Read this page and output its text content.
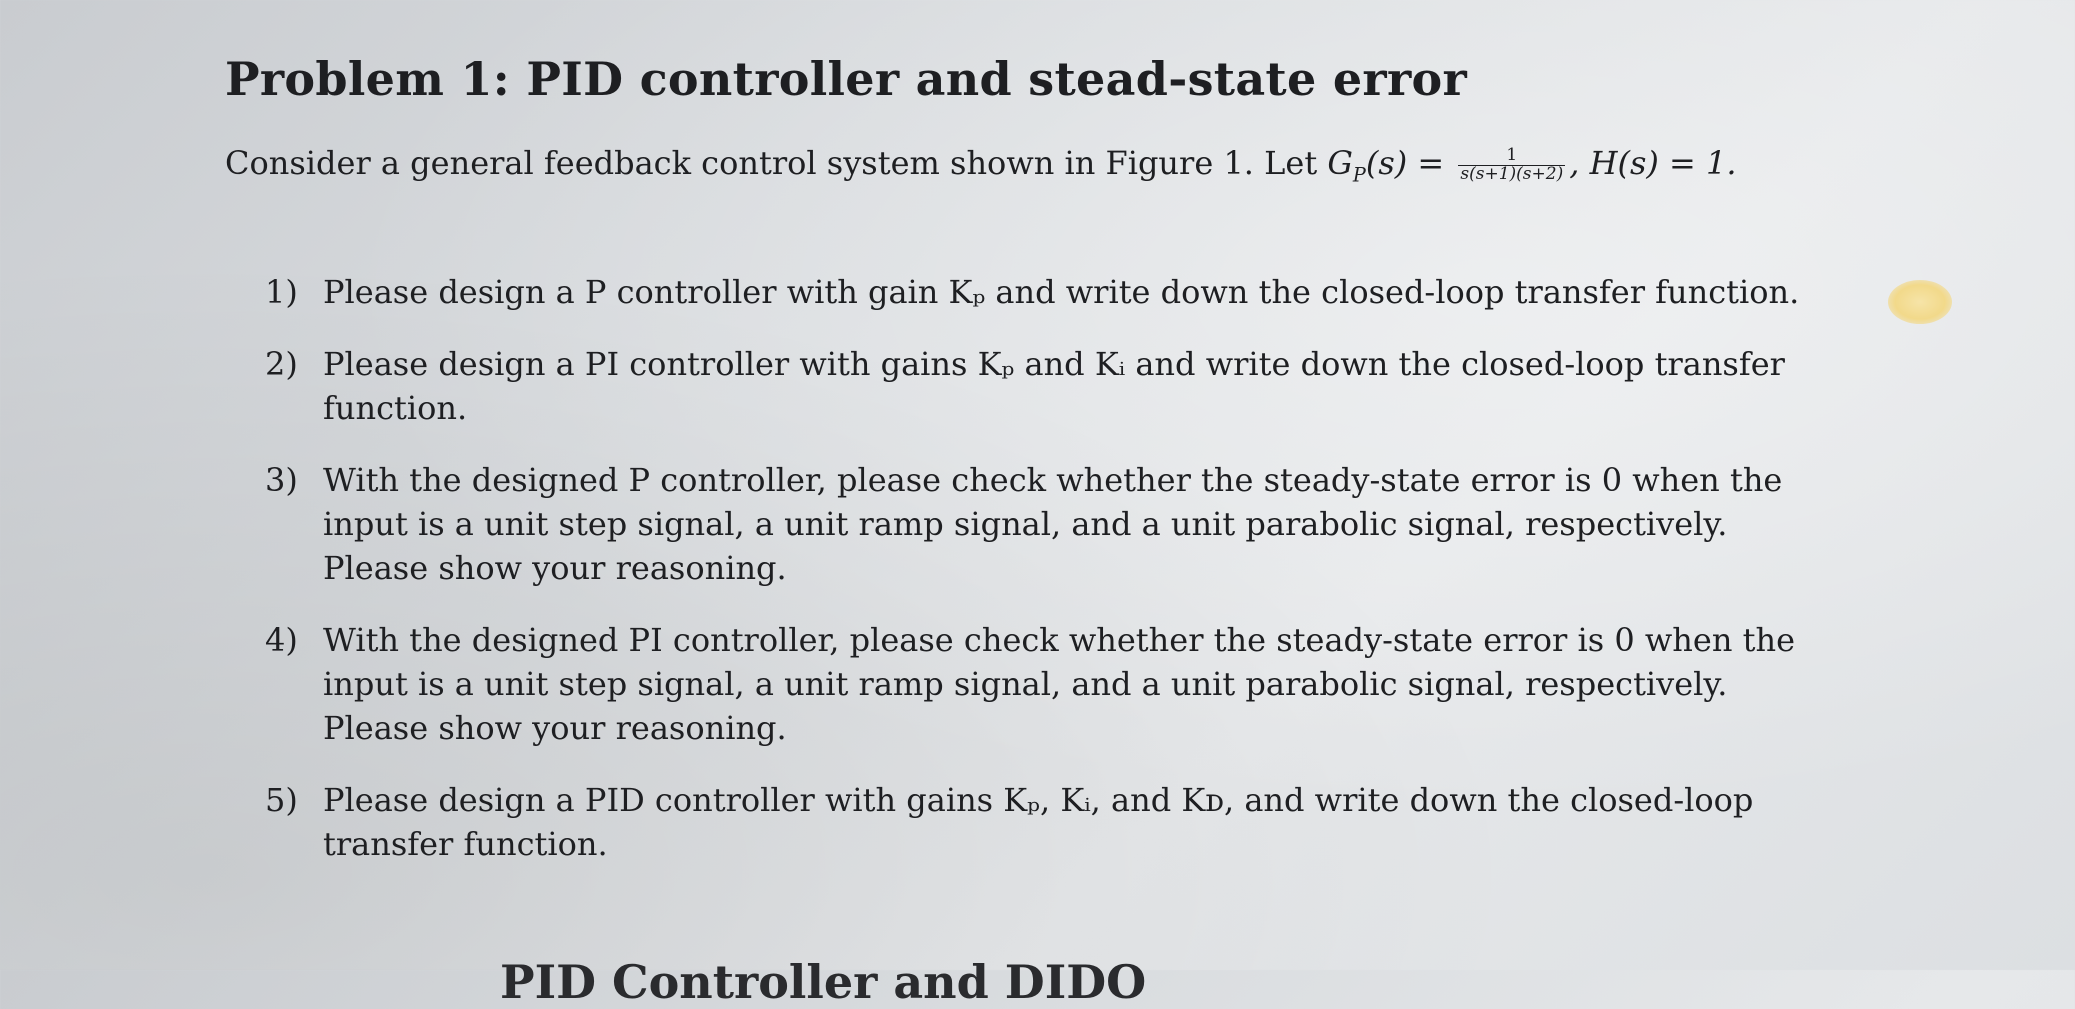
Problem 1: PID controller and stead-state error

Consider a general feedback control system shown in Figure 1. Let $G_P(s) = \frac{1}{s(s+1)(s+2)}$ , H(s) = 1.

1) Please design a P controller with gain Kₚ and write down the closed-loop transfer function.
2) Please design a PI controller with gains Kₚ and Kᵢ and write down the closed-loop transfer function.
3) With the designed P controller, please check whether the steady-state error is 0 when the input is a unit step signal, a unit ramp signal, and a unit parabolic signal, respectively. Please show your reasoning.
4) With the designed PI controller, please check whether the steady-state error is 0 when the input is a unit step signal, a unit ramp signal, and a unit parabolic signal, respectively. Please show your reasoning.
5) Please design a PID controller with gains Kₚ, Kᵢ, and Kᴅ, and write down the closed-loop transfer function.
PID Controller and DIDO
